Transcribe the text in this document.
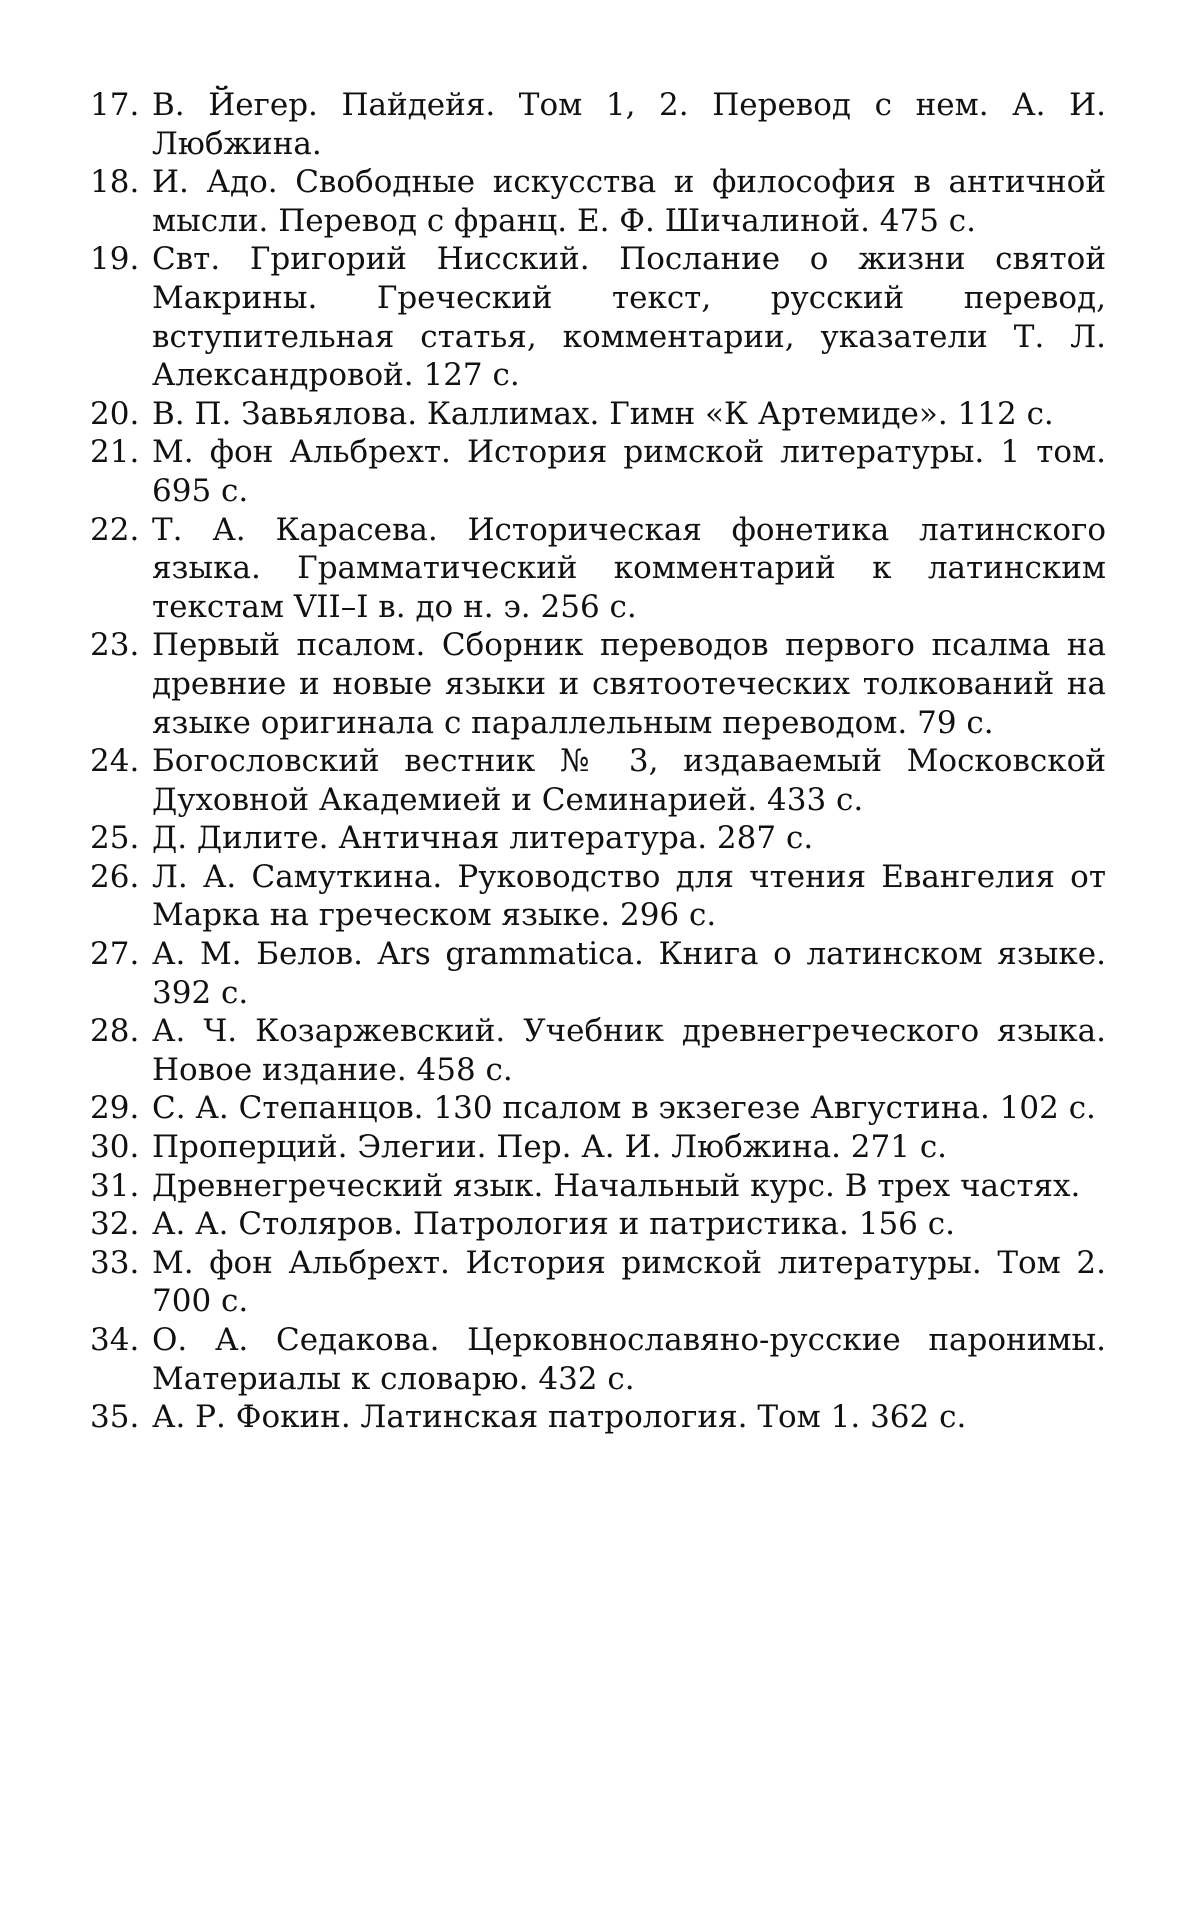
17. В. Йегер. Пайдейя. Том 1, 2. Перевод с нем. А. И. Любжина.

18. И. Адо. Свободные искусства и философия в античной мысли. Перевод с франц. Е. Ф. Шичалиной. 475 с.

19. Свт. Григорий Нисский. Послание о жизни святой Макрины. Греческий текст, русский перевод, вступительная статья, комментарии, указатели Т. Л. Александровой. 127 с.

20. В. П. Завьялова. Каллимах. Гимн «К Артемиде». 112 с.

21. М. фон Альбрехт. История римской литературы. 1 том. 695 с.

22. Т. А. Карасева. Историческая фонетика латинского языка. Грамматический комментарий к латинским текстам VII–I в. до н. э. 256 с.

23. Первый псалом. Сборник переводов первого псалма на древние и новые языки и святоотеческих толкований на языке оригинала с параллельным переводом. 79 с.

24. Богословский вестник № 3, издаваемый Московской Духовной Академией и Семинарией. 433 с.

25. Д. Дилите. Античная литература. 287 с.

26. Л. А. Самуткина. Руководство для чтения Евангелия от Марка на греческом языке. 296 с.

27. А. М. Белов. Ars grammatica. Книга о латинском языке. 392 с.

28. А. Ч. Козаржевский. Учебник древнегреческого языка. Новое издание. 458 с.

29. С. А. Степанцов. 130 псалом в экзегезе Августина. 102 с.

30. Проперций. Элегии. Пер. А. И. Любжина. 271 с.

31. Древнегреческий язык. Начальный курс. В трех частях.

32. А. А. Столяров. Патрология и патристика. 156 с.

33. М. фон Альбрехт. История римской литературы. Том 2. 700 с.

34. О. А. Седакова. Церковнославяно-русские паронимы. Материалы к словарю. 432 с.

35. А. Р. Фокин. Латинская патрология. Том 1. 362 с.
